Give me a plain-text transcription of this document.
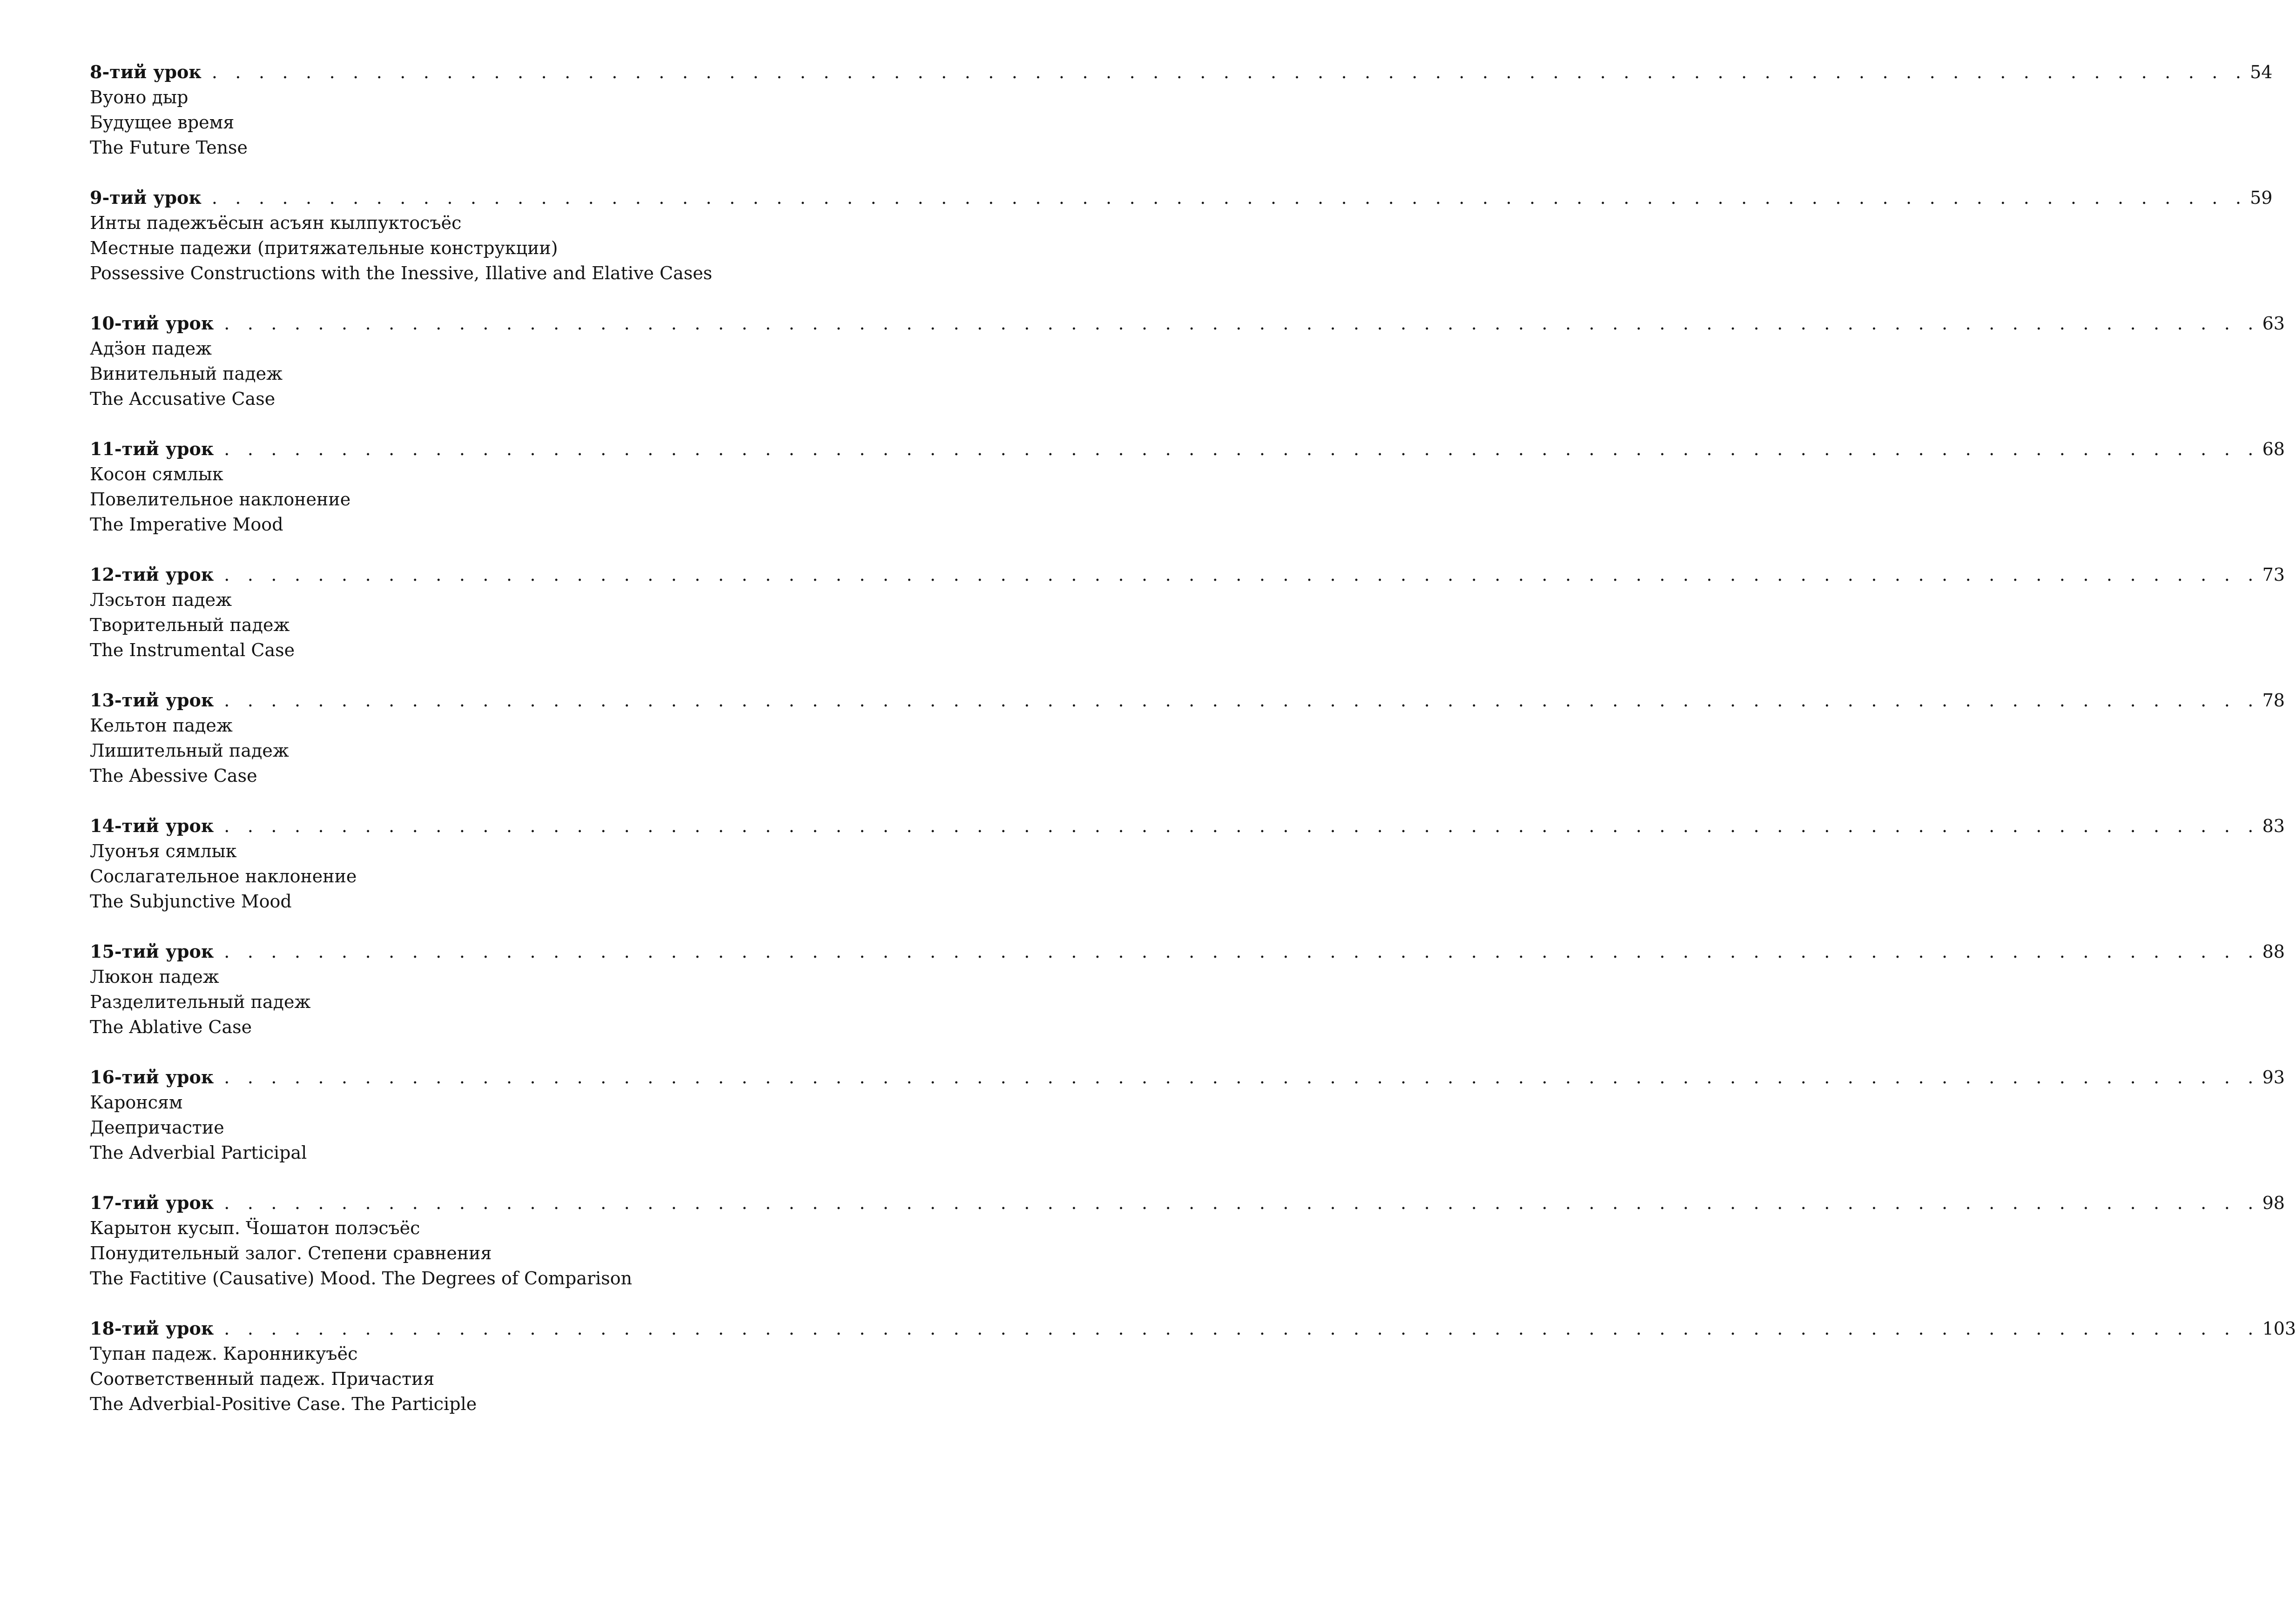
8-тий урок . . . . . . . . . . . . . . . . . . . . . . . . . . . . . . . . . . . . . . . . . . . . . . . . . . . . . . . . . . . . . . . . . . . . . . . . . . . . . . . . . . . . . . . 54
Вуоно дыр
Будущее время
The Future Tense
9-тий урок . . . . . . . . . . . . . . . . . . . . . . . . . . . . . . . . . . . . . . . . . . . . . . . . . . . . . . . . . . . . . . . . . . . . . . . . . . . . . . . . . . . . . . . 59
Инты падежъёсын асъян кылпуктосъёс
Местные падежи (притяжательные конструкции)
Possessive Constructions with the Inessive, Illative and Elative Cases
10-тий урок . . . . . . . . . . . . . . . . . . . . . . . . . . . . . . . . . . . . . . . . . . . . . . . . . . . . . . . . . . . . . . . . . . . . . . . . . . . . . . . . . . . . . . . 63
Адӟон падеж
Винительный падеж
The Accusative Case
11-тий урок . . . . . . . . . . . . . . . . . . . . . . . . . . . . . . . . . . . . . . . . . . . . . . . . . . . . . . . . . . . . . . . . . . . . . . . . . . . . . . . . . . . . . . . 68
Косон сямлык
Повелительное наклонение
The Imperative Mood
12-тий урок . . . . . . . . . . . . . . . . . . . . . . . . . . . . . . . . . . . . . . . . . . . . . . . . . . . . . . . . . . . . . . . . . . . . . . . . . . . . . . . . . . . . . . . 73
Лэсьтон падеж
Творительный падеж
The Instrumental Case
13-тий урок . . . . . . . . . . . . . . . . . . . . . . . . . . . . . . . . . . . . . . . . . . . . . . . . . . . . . . . . . . . . . . . . . . . . . . . . . . . . . . . . . . . . . . . 78
Кельтон падеж
Лишительный падеж
The Abessive Case
14-тий урок . . . . . . . . . . . . . . . . . . . . . . . . . . . . . . . . . . . . . . . . . . . . . . . . . . . . . . . . . . . . . . . . . . . . . . . . . . . . . . . . . . . . . . . 83
Луонъя сямлык
Сослагательное наклонение
The Subjunctive Mood
15-тий урок . . . . . . . . . . . . . . . . . . . . . . . . . . . . . . . . . . . . . . . . . . . . . . . . . . . . . . . . . . . . . . . . . . . . . . . . . . . . . . . . . . . . . . . 88
Люкон падеж
Разделительный падеж
The Ablative Case
16-тий урок . . . . . . . . . . . . . . . . . . . . . . . . . . . . . . . . . . . . . . . . . . . . . . . . . . . . . . . . . . . . . . . . . . . . . . . . . . . . . . . . . . . . . . . 93
Каронсям
Деепричастие
The Adverbial Participal
17-тий урок . . . . . . . . . . . . . . . . . . . . . . . . . . . . . . . . . . . . . . . . . . . . . . . . . . . . . . . . . . . . . . . . . . . . . . . . . . . . . . . . . . . . . . . 98
Карытон кусып. Ӵошатон полэсъёс
Понудительный залог. Степени сравнения
The Factitive (Causative) Mood. The Degrees of Comparison
18-тий урок . . . . . . . . . . . . . . . . . . . . . . . . . . . . . . . . . . . . . . . . . . . . . . . . . . . . . . . . . . . . . . . . . . . . . . . . . . . . . . . . . . . . . . . 103
Тупан падеж. Каронникуъёс
Соответственный падеж. Причастия
The Adverbial-Positive Case. The Participle
